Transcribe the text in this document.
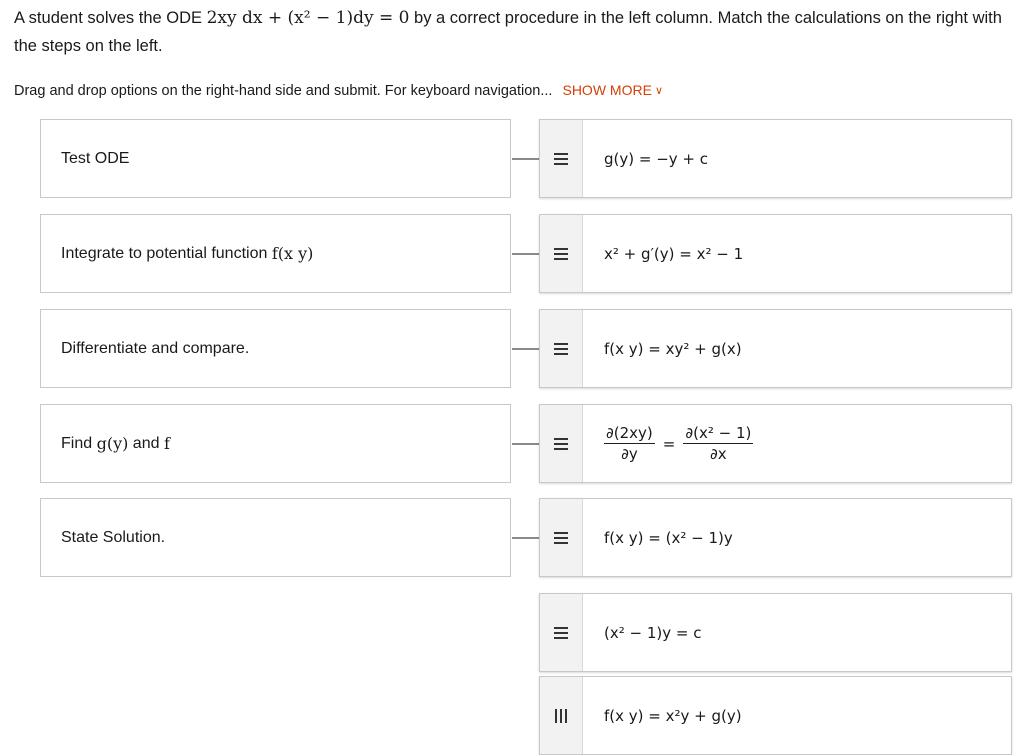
A student solves the ODE 2xy dx + (x² − 1)dy = 0 by a correct procedure in the left column. Match the calculations on the right with the steps on the left.
Drag and drop options on the right-hand side and submit. For keyboard navigation... SHOW MORE ∨
Test ODE
Integrate to potential function
f(x y)
Differentiate and compare.
Find
g(y)
and
f
State Solution.
g(y) = −y + c
x² + g′(y) = x² − 1
f(x y) = xy² + g(x)
$\frac{\partial(2xy)}{\partial y} = \frac{\text{∂(x² − 1)}}{\partial x}$
f(x y) = (x² − 1)y
(x² − 1)y = c
f(x y) = x²y + g(y)
